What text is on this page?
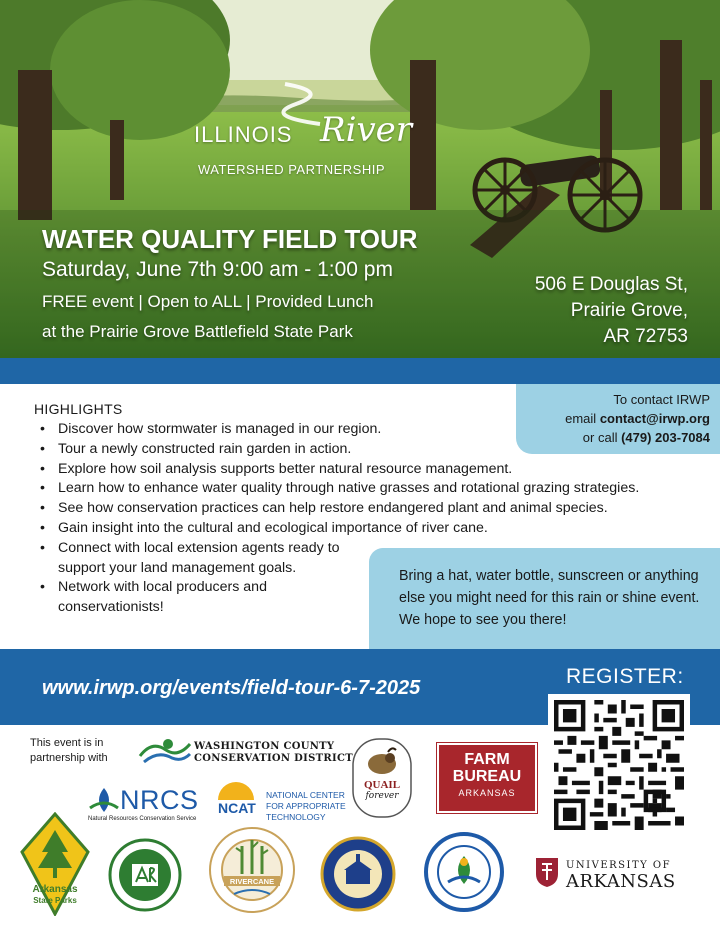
ILLINOIS River
WATERSHED PARTNERSHIP
WATER QUALITY FIELD TOUR
Saturday, June 7th 9:00 am - 1:00 pm
FREE event | Open to ALL | Provided Lunch
at the Prairie Grove Battlefield State Park
506 E Douglas St,
Prairie Grove,
AR 72753
To contact IRWP
email contact@irwp.org
or call (479) 203-7084
HIGHLIGHTS
• Discover how stormwater is managed in our region.
• Tour a newly constructed rain garden in action.
• Explore how soil analysis supports better natural resource management.
• Learn how to enhance water quality through native grasses and rotational grazing strategies.
• See how conservation practices can help restore endangered plant and animal species.
• Gain insight into the cultural and ecological importance of river cane.
• Connect with local extension agents ready to support your land management goals.
• Network with local producers and conservationists!
Bring a hat, water bottle, sunscreen or anything else you might need for this rain or shine event. We hope to see you there!
www.irwp.org/events/field-tour-6-7-2025	REGISTER:
This event is in partnership with
WASHINGTON COUNTY
CONSERVATION DISTRICT
QUAIL
forever
FARM
BUREAU
ARKANSAS
NRCS
Natural Resources Conservation Service
NCAT
NATIONAL CENTER
FOR APPROPRIATE
TECHNOLOGY
Arkansas
State Parks
RIVERCANE
UNIVERSITY OF
ARKANSAS
